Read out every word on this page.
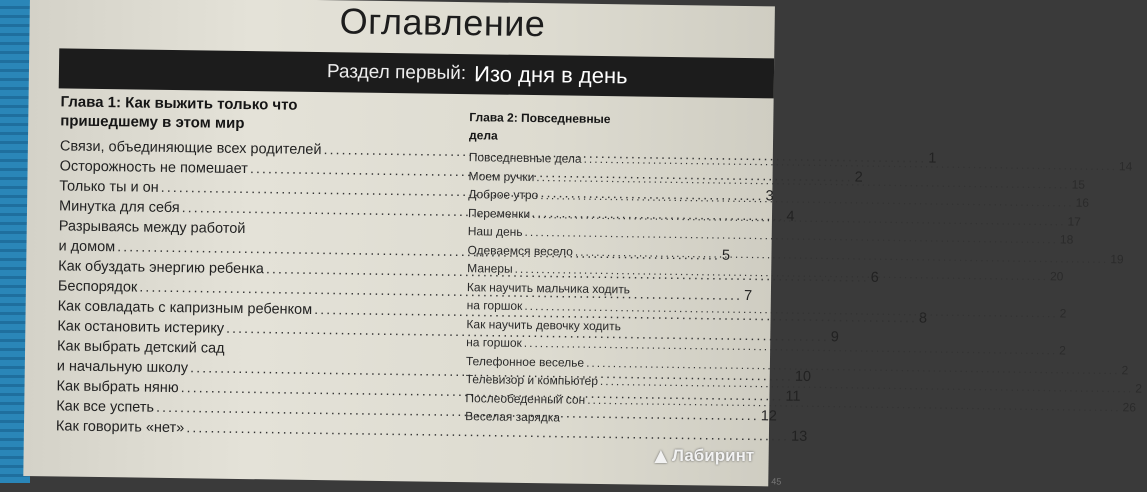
Оглавление
Раздел первый: Изо дня в день
Глава 1: Как выжить только что
пришедшему в этом мир
Связи, объединяющие всех родителей
.....
1
Осторожность не помешает
.....
2
Только ты и он
.....
3
Минутка для себя
.....
4
Разрываясь между работой
и домом
.....
5
Как обуздать энергию ребенка
.....
6
Беспорядок
.....
7
Как совладать с капризным ребенком
.....
8
Как остановить истерику
.....
9
Как выбрать детский сад
и начальную школу
.....
10
Как выбрать няню
.....
11
Как все успеть
.....
12
Как говорить «нет»
.....
13
Глава 2: Повседневные
дела
Повседневные дела
.....
14
Моем ручки
.....
15
Доброе утро
.....
16
Переменки
.....
17
Наш день
.....
18
Одеваемся весело
.....
19
Манеры
.....
20
Как научить мальчика ходить
на горшок
.....
2
Как научить девочку ходить
на горшок
.....
2
Телефонное веселье
.....
2
Телевизор и компьютер
.....
2
Послеобеденный сон
.....
26
Веселая зарядка
45
▲ Лабиринт
